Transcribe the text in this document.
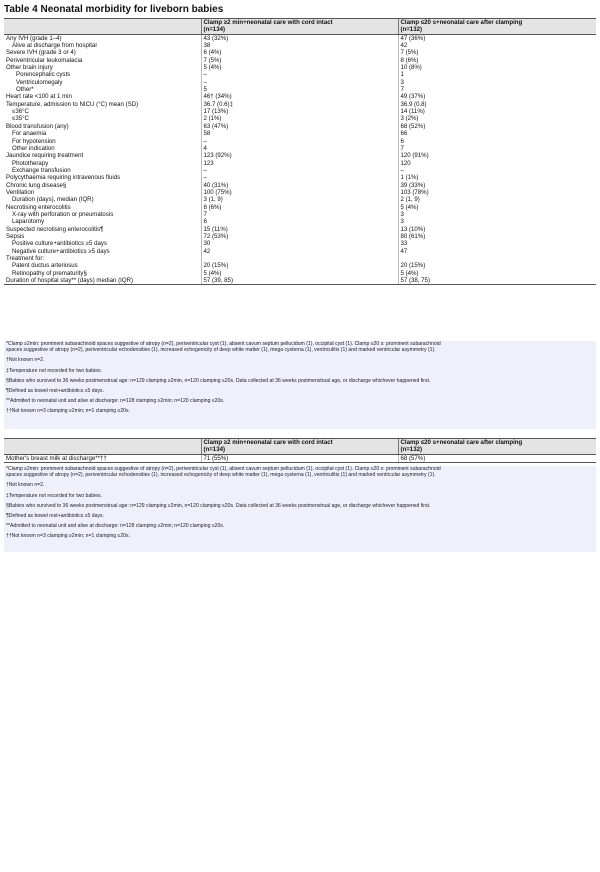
Table 4 Neonatal morbidity for liveborn babies
	Clamp ≥2 min+neonatal care with cord intact	Clamp ≤20 s+neonatal care after clamping
	(n=134)	(n=132)
Any IVH (grade 1–4)	43 (32%)	47 (36%)
Alive at discharge from hospital	38	42
Severe IVH (grade 3 or 4)	6 (4%)	7 (5%)
Periventricular leukomalacia	7 (5%)	8 (6%)
Other brain injury	5 (4%)	10 (8%)
Porencephalic cysts	–	1
Ventriculomegaly	–	3
Other*	5	7
Heart rate <100 at 1 min	46† (34%)	49 (37%)
Temperature, admission to NICU (°C) mean (SD)	36.7 (0.6)‡	36.9 (0.8)
≤36°C	17 (13%)	14 (11%)
≤35°C	2 (1%)	3 (2%)
Blood transfusion (any)	63 (47%)	68 (52%)
For anaemia	58	66
For hypotension	–	6
Other indication	4	7
Jaundice requiring treatment	123 (92%)	120 (91%)
Phototherapy	123	120
Exchange transfusion	–	–
Polycythaemia requiring intravenous fluids	–	1 (1%)
Chronic lung disease§	40 (31%)	39 (33%)
Ventilation	100 (75%)	103 (78%)
Duration (days), median (IQR)	3 (1, 9)	2 (1, 9)
Necrotising enterocolitis	8 (6%)	5 (4%)
X-ray with perforation or pneumatosis	7	3
Laparotomy	6	3
Suspected necrotising enterocolitis¶	15 (11%)	13 (10%)
Sepsis	72 (53%)	80 (61%)
Positive culture+antibiotics ≥5 days	30	33
Negative culture+antibiotics ≥5 days	42	47
Treatment for:		
Patent ductus arteriosus	20 (15%)	20 (15%)
Retinopathy of prematurity§	5 (4%)	5 (4%)
Duration of hospital stay** (days) median (IQR)	57 (39, 85)	57 (38, 75)
*Clamp ≥2min: prominent subarachnoid spaces suggestive of atropy (n=2), periventricular cyst (1), absent cavum septum pellucidum (1), occipital cyst (1). Clamp ≤20 s: prominent subarachnoid
spaces suggestive of atropy (n=2), periventricular echodensities (1), increased echogenicity of deep white matter (1), mega cysterna (1), ventriculitis (1) and marked ventricular asymmetry (1).
†Not known n=2.
‡Temperature not recorded for two babies.
§Babies who survived to 36 weeks postmenstrual age: n=129 clamping ≥2min, n=120 clamping ≤20s. Data collected at 36 weeks postmenstrual age, or discharge whichever happened first.
¶Defined as bowel rest+antibiotics ≥5 days.
**Admitted to neonatal unit and alive at discharge: n=128 clamping ≥2min; n=120 clamping ≤20s.
††Not known n=3 clamping ≥2min; n=1 clamping ≤20s.
	Clamp ≥2 min+neonatal care with cord intact	Clamp ≤20 s+neonatal care after clamping
	(n=134)	(n=132)
Mother's breast milk at discharge**††	71 (55%)	68 (57%)
*Clamp ≥2min: prominent subarachnoid spaces suggestive of atropy (n=2), periventricular cyst (1), absent cavum septum pellucidum (1), occipital cyst (1). Clamp ≤20 s: prominent subarachnoid
spaces suggestive of atropy (n=2), periventricular echodensities (1), increased echogenicity of deep white matter (1), mega cysterna (1), ventriculitis (1) and marked ventricular asymmetry (1).
†Not known n=2.
‡Temperature not recorded for two babies.
§Babies who survived to 36 weeks postmenstrual age: n=129 clamping ≥2min, n=120 clamping ≤20s. Data collected at 36 weeks postmenstrual age, or discharge whichever happened first.
¶Defined as bowel rest+antibiotics ≥5 days.
**Admitted to neonatal unit and alive at discharge: n=128 clamping ≥2min; n=120 clamping ≤20s.
††Not known n=3 clamping ≥2min; n=1 clamping ≤20s.
